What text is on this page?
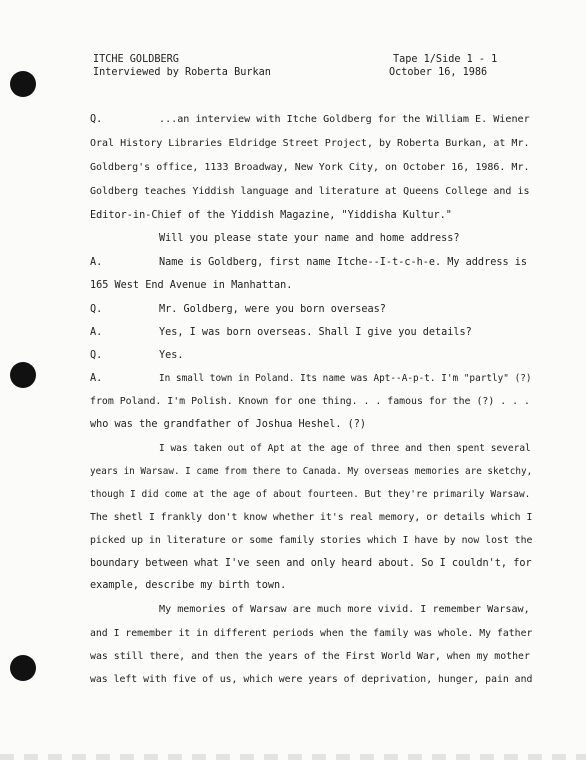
ITCHE GOLDBERG
Interviewed by Roberta Burkan
Tape 1/Side 1 - 1
October 16, 1986
Q.	...an interview with Itche Goldberg for the William E. Wiener
Oral History Libraries Eldridge Street Project, by Roberta Burkan, at Mr.
Goldberg's office, 1133 Broadway, New York City, on October 16, 1986. Mr.
Goldberg teaches Yiddish language and literature at Queens College and is
Editor-in-Chief of the Yiddish Magazine, "Yiddisha Kultur."
Will you please state your name and home address?
A.	Name is Goldberg, first name Itche--I-t-c-h-e. My address is
165 West End Avenue in Manhattan.
Q.	Mr. Goldberg, were you born overseas?
A.	Yes, I was born overseas. Shall I give you details?
Q.	Yes.
A.	In small town in Poland. Its name was Apt--A-p-t. I'm "partly" (?)
from Poland. I'm Polish. Known for one thing. . . famous for the (?) . . .
who was the grandfather of Joshua Heshel. (?)
I was taken out of Apt at the age of three and then spent several
years in Warsaw. I came from there to Canada. My overseas memories are sketchy,
though I did come at the age of about fourteen. But they're primarily Warsaw.
The shetl I frankly don't know whether it's real memory, or details which I
picked up in literature or some family stories which I have by now lost the
boundary between what I've seen and only heard about. So I couldn't, for
example, describe my birth town.
My memories of Warsaw are much more vivid. I remember Warsaw,
and I remember it in different periods when the family was whole. My father
was still there, and then the years of the First World War, when my mother
was left with five of us, which were years of deprivation, hunger, pain and
